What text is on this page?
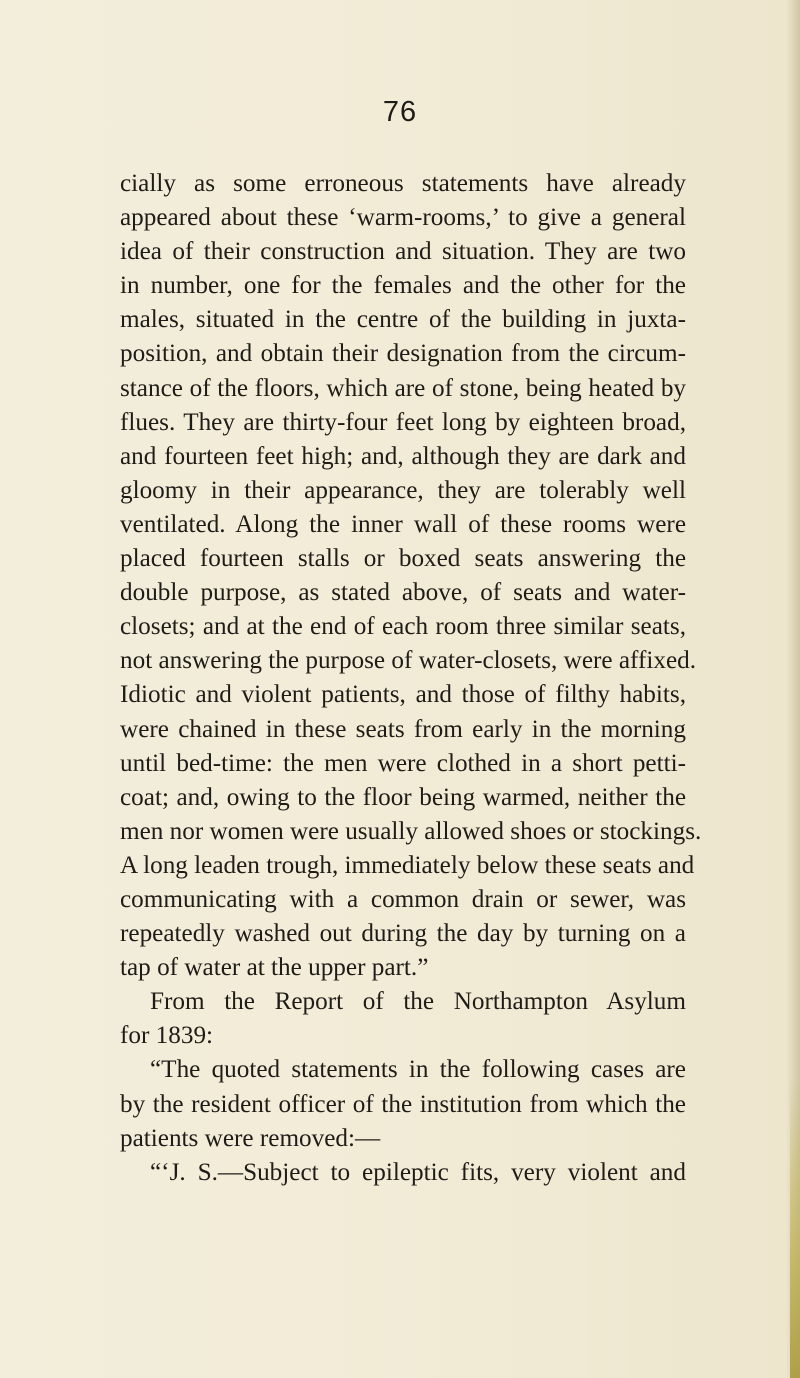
76
cially as some erroneous statements have already
appeared about these ‘warm-rooms,’ to give a general
idea of their construction and situation. They are two
in number, one for the females and the other for the
males, situated in the centre of the building in juxta-
position, and obtain their designation from the circum-
stance of the floors, which are of stone, being heated by
flues. They are thirty-four feet long by eighteen broad,
and fourteen feet high; and, although they are dark and
gloomy in their appearance, they are tolerably well
ventilated. Along the inner wall of these rooms were
placed fourteen stalls or boxed seats answering the
double purpose, as stated above, of seats and water-
closets; and at the end of each room three similar seats,
not answering the purpose of water-closets, were affixed.
Idiotic and violent patients, and those of filthy habits,
were chained in these seats from early in the morning
until bed-time: the men were clothed in a short petti-
coat; and, owing to the floor being warmed, neither the
men nor women were usually allowed shoes or stockings.
A long leaden trough, immediately below these seats and
communicating with a common drain or sewer, was
repeatedly washed out during the day by turning on a
tap of water at the upper part.”
From the Report of the Northampton Asylum
for 1839:
“The quoted statements in the following cases are
by the resident officer of the institution from which the
patients were removed:—
“‘J. S.—Subject to epileptic fits, very violent and
